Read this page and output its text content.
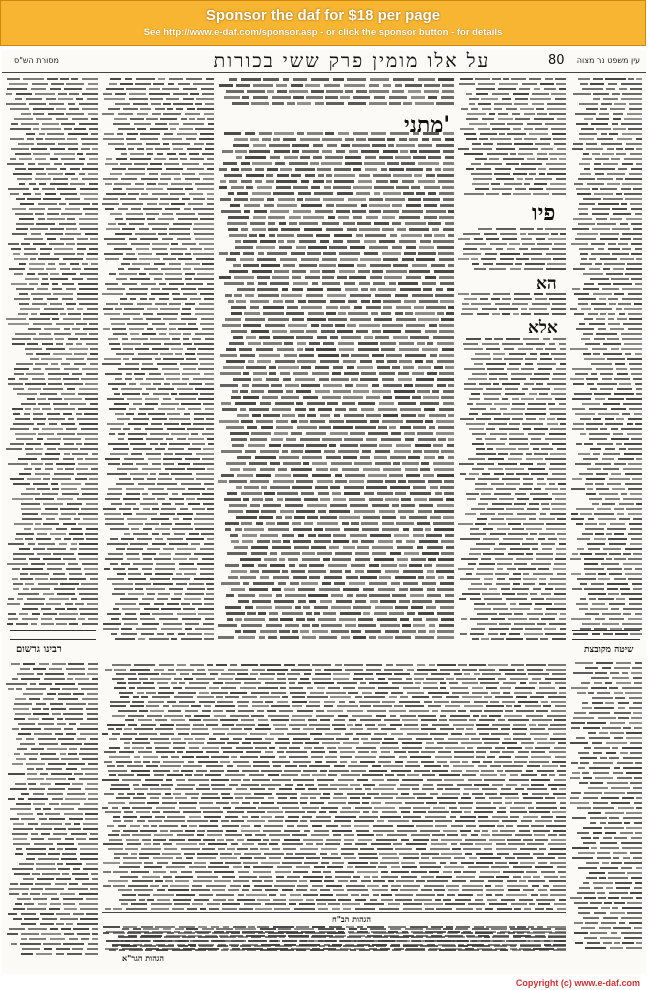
Sponsor the daf for $18 per page
See http://www.e-daf.com/sponsor.asp - or click the sponsor button - for details
מסורת הש"ס	על אלו מומין פרק ששי בכורות	80 עין משפט נר מצוה
רבינו גרשום
מתני'
פיו
הא
אלא
שיטה מקובצת
הגהות הב"ח
הגהות הגר"א
Copyright (c) www.e-daf.com
